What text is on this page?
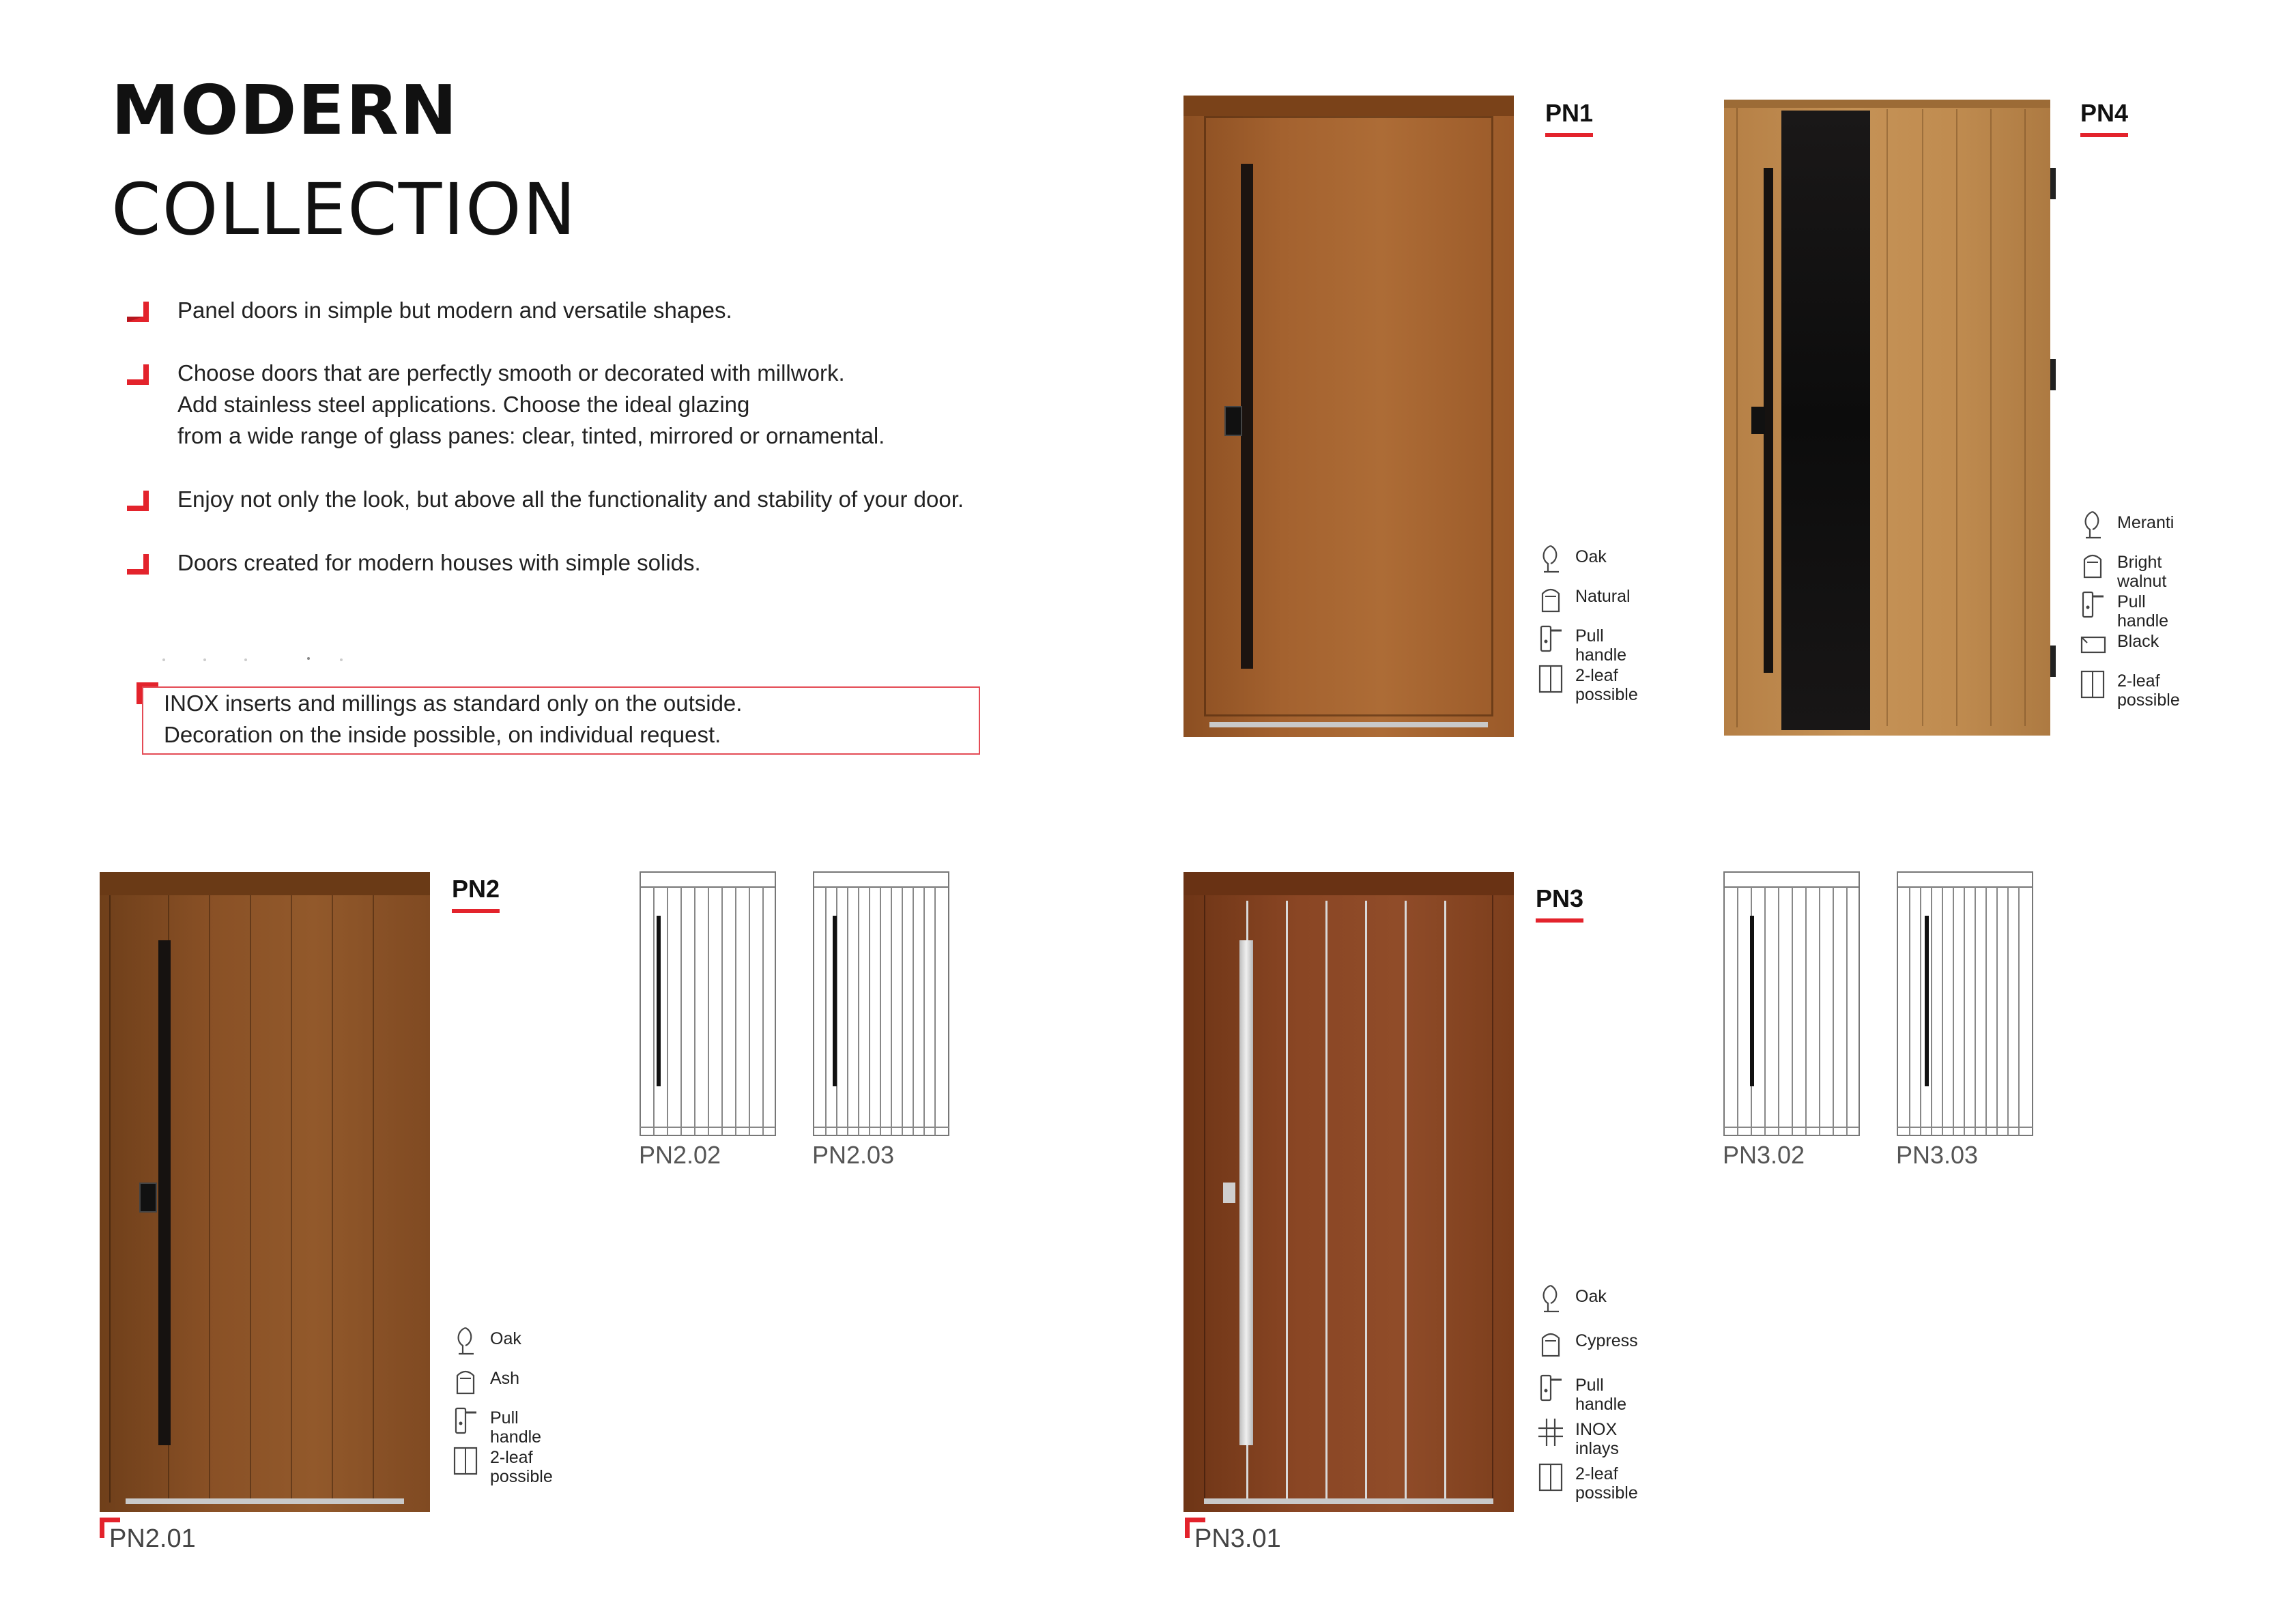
MODERN
COLLECTION
Panel doors in simple but modern and versatile shapes.
Choose doors that are perfectly smooth or decorated with millwork.
Add stainless steel applications. Choose the ideal glazing
from a wide range of glass panes: clear, tinted, mirrored or ornamental.
Enjoy not only the look, but above all the functionality and stability of your door.
Doors created for modern houses with simple solids.
INOX inserts and millings as standard only on the outside.
Decoration on the inside possible, on individual request.
PN1
Oak
Natural
Pull handle
2-leaf
possible
PN4
Meranti
Bright walnut
Pull handle
Black
2-leaf
possible
PN2.01
PN2
Oak
Ash
Pull handle
2-leaf
possible
PN2.02	PN2.03
PN3.01
PN3
Oak
Cypress
Pull handle
INOX inlays
2-leaf
possible
PN3.02	PN3.03
